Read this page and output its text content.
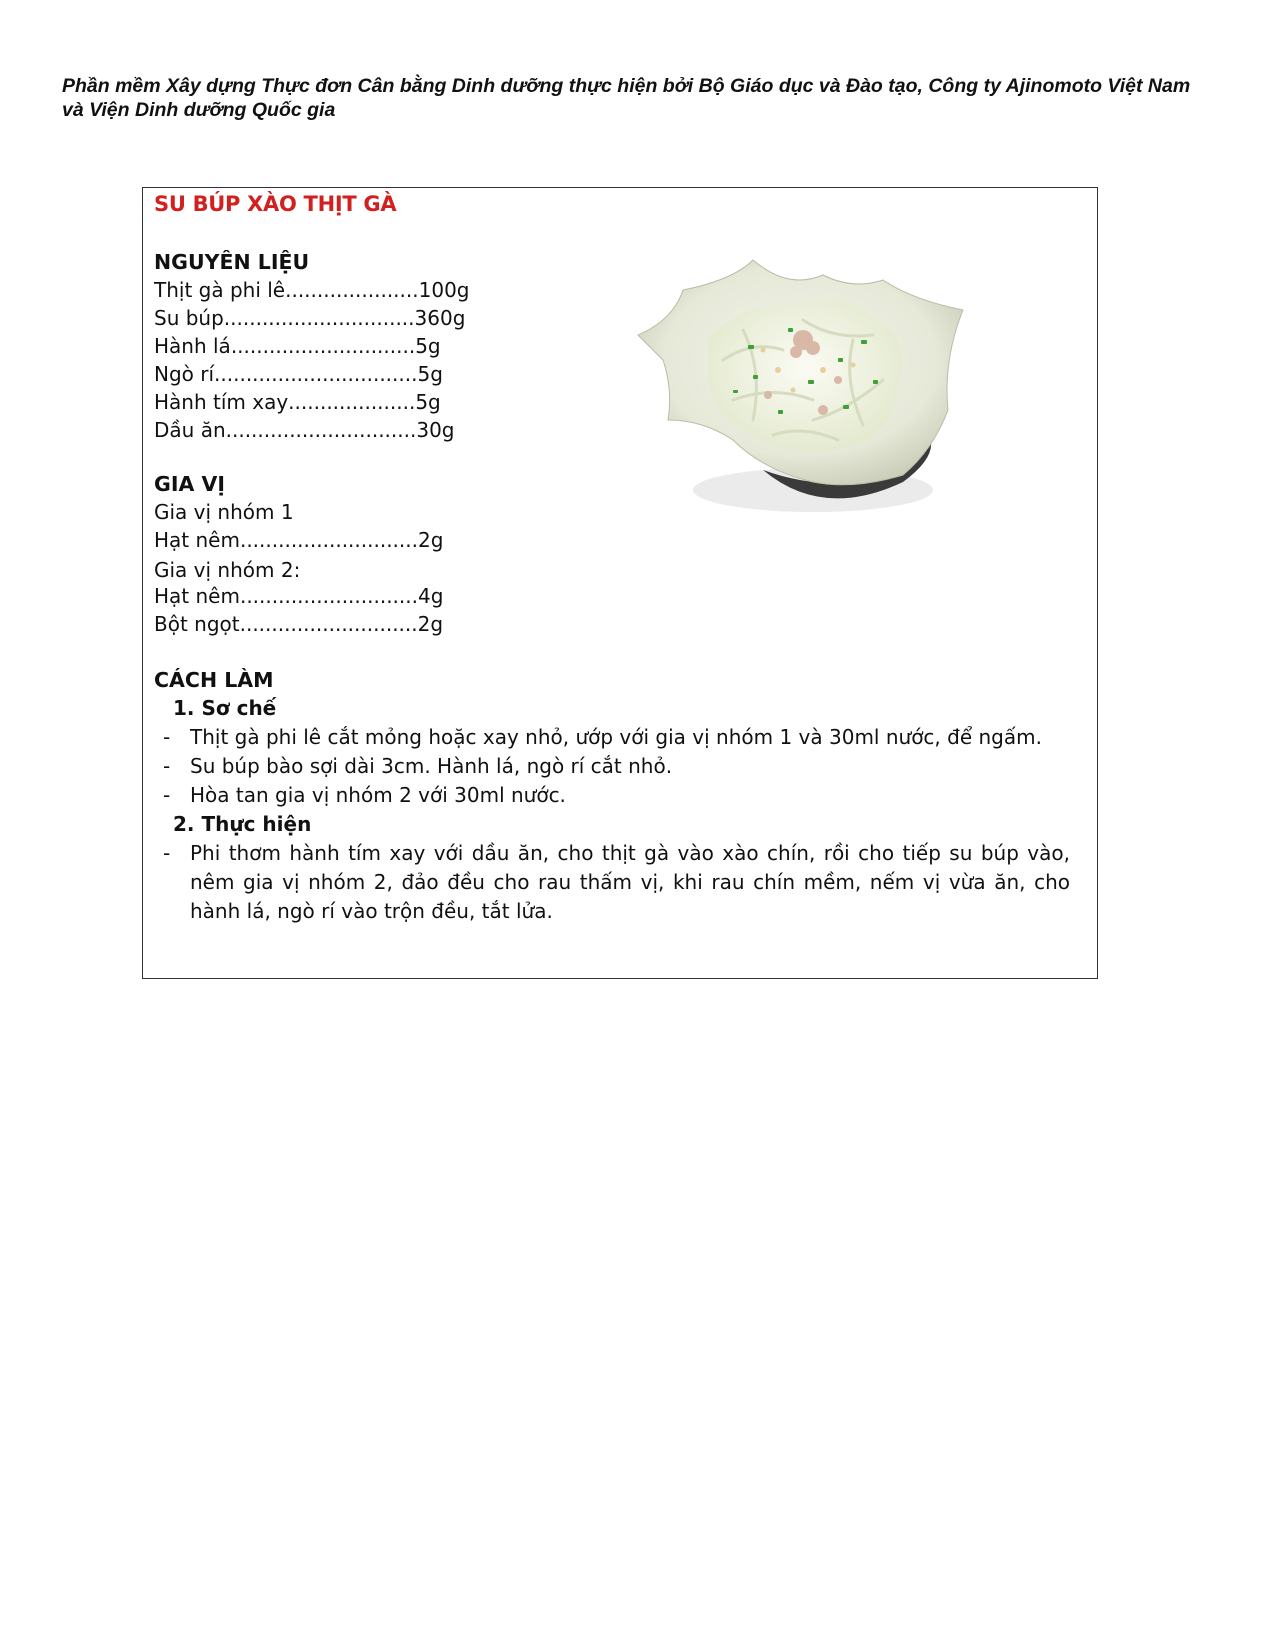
Phần mềm Xây dựng Thực đơn Cân bằng Dinh dưỡng thực hiện bởi Bộ Giáo dục và Đào tạo, Công ty Ajinomoto Việt Nam và Viện Dinh dưỡng Quốc gia
SU BÚP XÀO THỊT GÀ
NGUYÊN LIỆU
Thịt gà phi lê.....................100g
Su búp..............................360g
Hành lá.............................5g
Ngò rí................................5g
Hành tím xay....................5g
Dầu ăn..............................30g
GIA VỊ
Gia vị nhóm 1
Hạt nêm............................2g
Gia vị nhóm 2:
Hạt nêm............................4g
Bột ngọt............................2g
CÁCH LÀM
1. Sơ chế
- Thịt gà phi lê cắt mỏng hoặc xay nhỏ, ướp với gia vị nhóm 1 và 30ml nước, để ngấm.
- Su búp bào sợi dài 3cm. Hành lá, ngò rí cắt nhỏ.
- Hòa tan gia vị nhóm 2 với 30ml nước.
2. Thực hiện
- Phi thơm hành tím xay với dầu ăn, cho thịt gà vào xào chín, rồi cho tiếp su búp vào, nêm gia vị nhóm 2, đảo đều cho rau thấm vị, khi rau chín mềm, nếm vị vừa ăn, cho hành lá, ngò rí vào trộn đều, tắt lửa.
